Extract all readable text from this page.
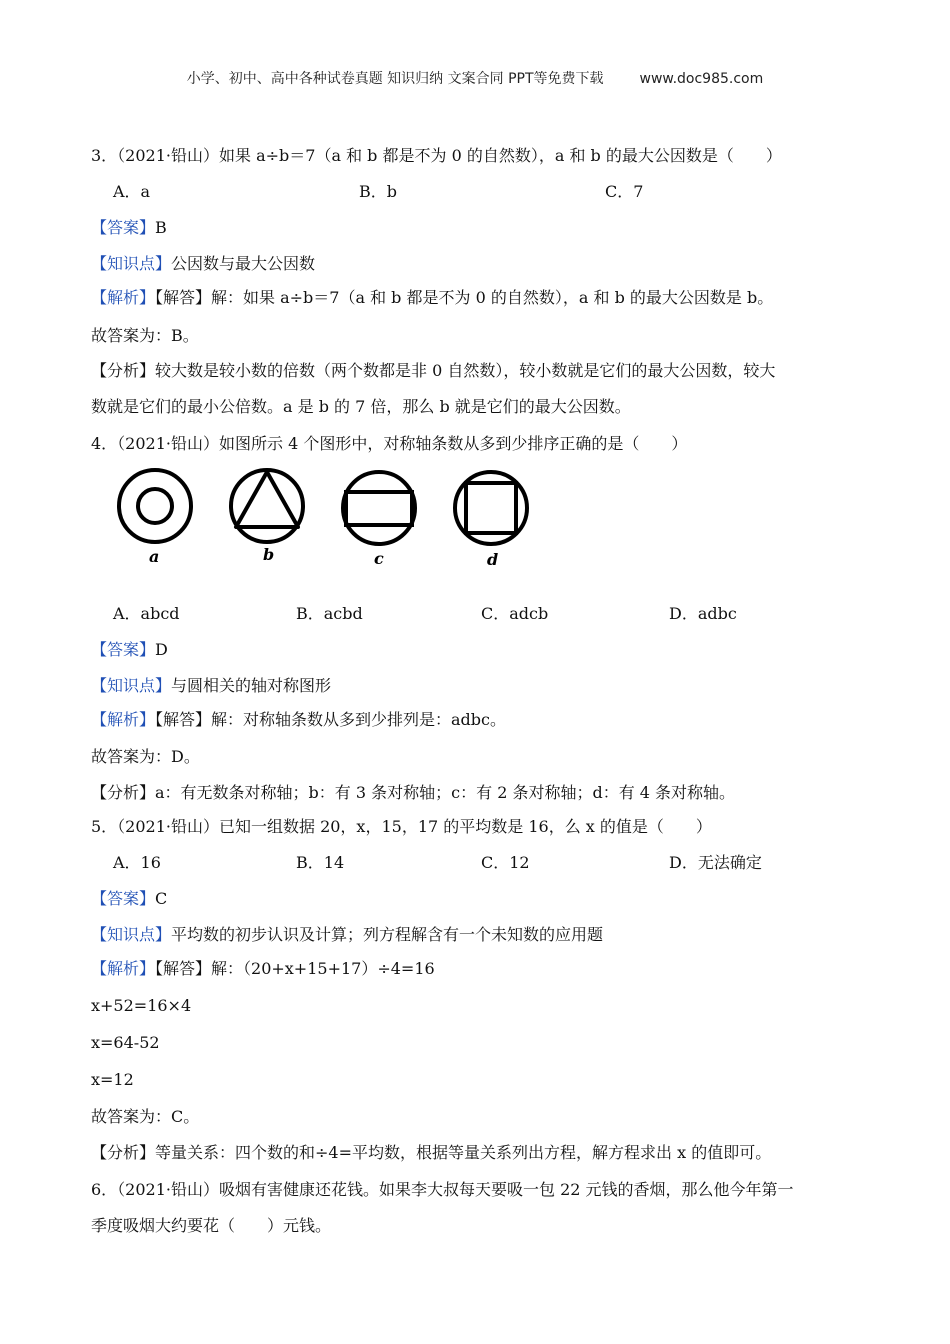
小学、初中、高中各种试卷真题 知识归纳 文案合同 PPT等免费下载	www.doc985.com
3．（2021·铅山）如果 a÷b＝7（a 和 b 都是不为 0 的自然数），a 和 b 的最大公因数是（　　）
A．a	B．b	C．7
【答案】B
【知识点】公因数与最大公因数
【解析】【解答】解：如果 a÷b＝7（a 和 b 都是不为 0 的自然数），a 和 b 的最大公因数是 b。
故答案为：B。
【分析】较大数是较小数的倍数（两个数都是非 0 自然数），较小数就是它们的最大公因数，较大
数就是它们的最小公倍数。a 是 b 的 7 倍，那么 b 就是它们的最大公因数。
4．（2021·铅山）如图所示 4 个图形中，对称轴条数从多到少排序正确的是（　　）
a	b	c	d
A．abcd	B．acbd	C．adcb	D．adbc
【答案】D
【知识点】与圆相关的轴对称图形
【解析】【解答】解：对称轴条数从多到少排列是：adbc。
故答案为：D。
【分析】a：有无数条对称轴；b：有 3 条对称轴；c：有 2 条对称轴；d：有 4 条对称轴。
5．（2021·铅山）已知一组数据 20，x，15，17 的平均数是 16，么 x 的值是（　　）
A．16	B．14	C．12	D．无法确定
【答案】C
【知识点】平均数的初步认识及计算；列方程解含有一个未知数的应用题
【解析】【解答】解：（20+x+15+17）÷4=16
x+52=16×4
x=64-52
x=12
故答案为：C。
【分析】等量关系：四个数的和÷4=平均数，根据等量关系列出方程，解方程求出 x 的值即可。
6．（2021·铅山）吸烟有害健康还花钱。如果李大叔每天要吸一包 22 元钱的香烟，那么他今年第一
季度吸烟大约要花（　　）元钱。
